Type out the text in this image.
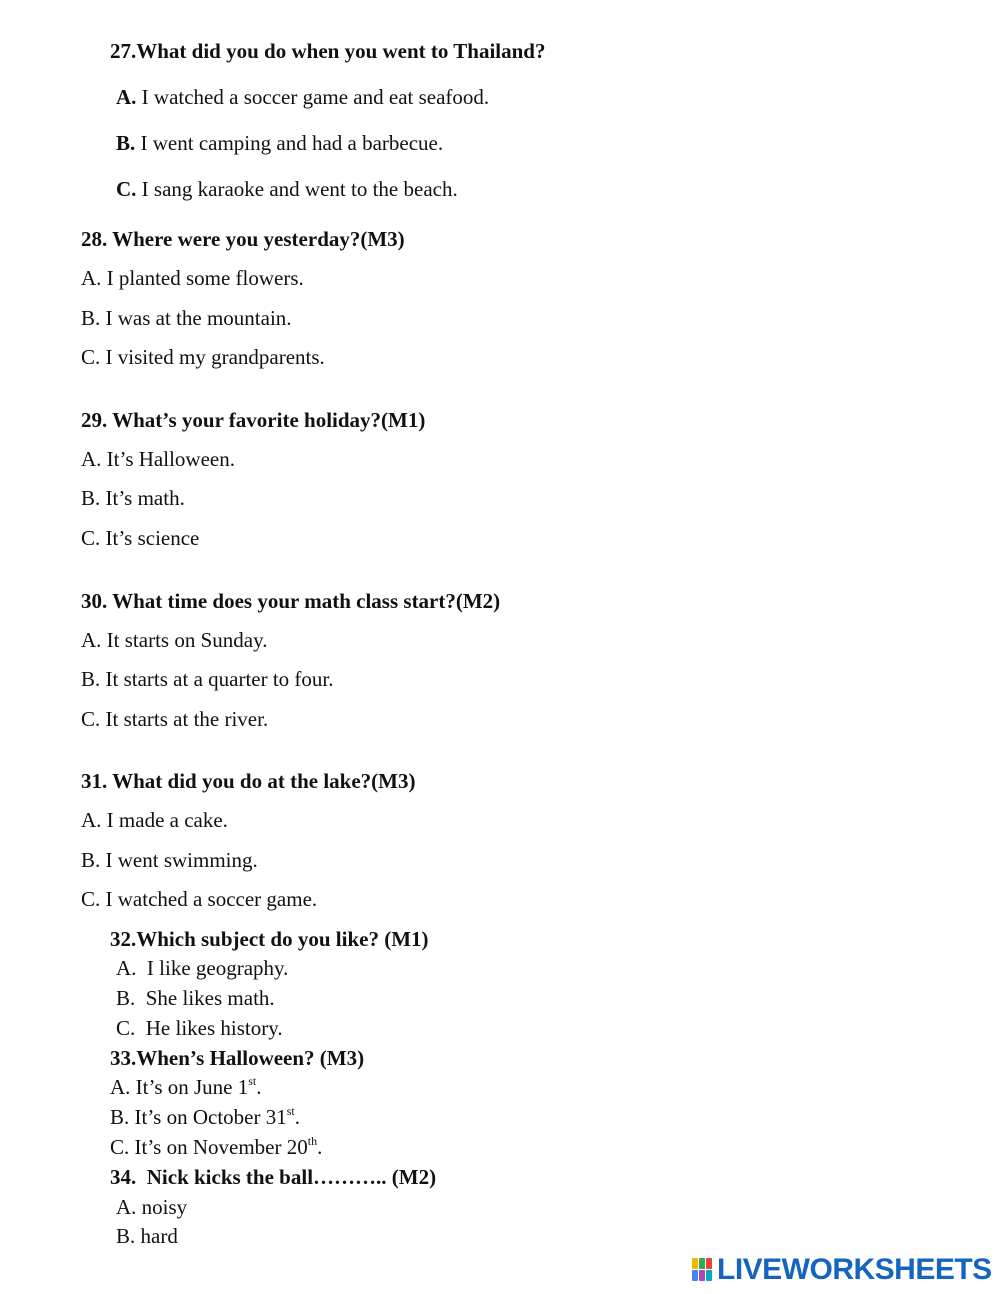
27.What did you do when you went to Thailand?
A. I watched a soccer game and eat seafood.
B. I went camping and had a barbecue.
C. I sang karaoke and went to the beach.
28. Where were you yesterday?(M3)
A. I planted some flowers.
B. I was at the mountain.
C. I visited my grandparents.
29. What’s your favorite holiday?(M1)
A. It’s Halloween.
B. It’s math.
C. It’s science
30. What time does your math class start?(M2)
A. It starts on Sunday.
B. It starts at a quarter to four.
C. It starts at the river.
31. What did you do at the lake?(M3)
A. I made a cake.
B. I went swimming.
C. I watched a soccer game.
32.Which subject do you like? (M1)
A.  I like geography.
B.  She likes math.
C.  He likes history.
33.When’s Halloween? (M3)
A. It’s on June 1st.
B. It’s on October 31st.
C. It’s on November 20th.
34.  Nick kicks the ball……….. (M2)
A. noisy
B. hard
LIVEWORKSHEETS
